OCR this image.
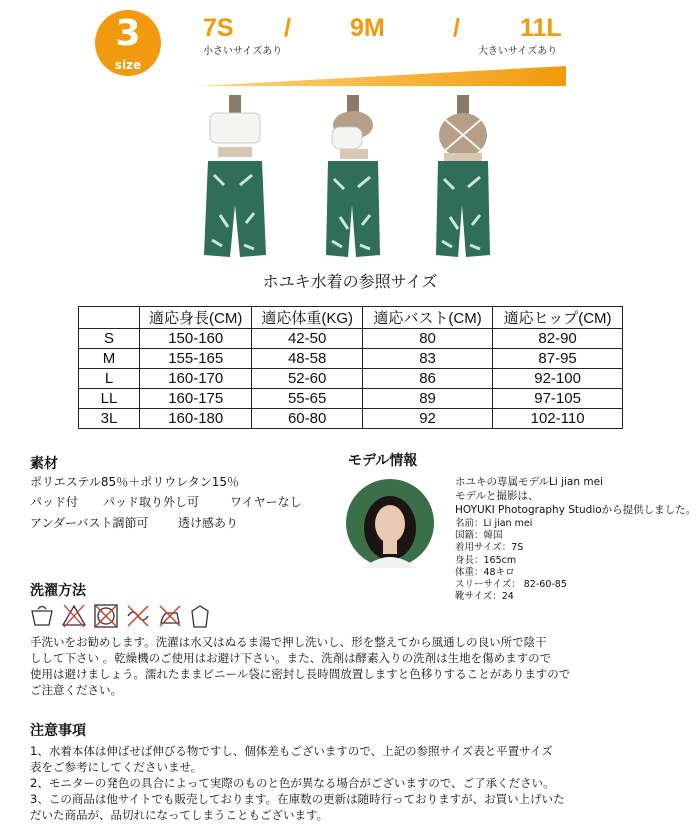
3
size
7S / 9M	/ 11L
小さいサイズあり	大きいサイズあり
ホユキ水着の参照サイズ
	適応身長(CM)	適応体重(KG)	適応バスト(CM)	適応ヒップ(CM)
S	150-160	42-50	80	82-90
M	155-165	48-58	83	87-95
L	160-170	52-60	86	92-100
LL	160-175	55-65	89	97-105
3L	160-180	60-80	92	102-110
素材
ポリエステル85％＋ポリウレタン15％
パッド付 パッド取り外し可	ワイヤーなし
アンダーバスト調節可 透け感あり
モデル情報
ホユキの専属モデルLi jian mei
モデルと撮影は、
HOYUKI Photography Studioから提供しました。
名前：Li jian mei
国籍：韓国
着用サイズ：7S
身長：165cm
体重：48キロ
スリーサイズ： 82-60-85
靴サイズ：24
洗濯方法
手洗いをお勧めします。洗濯は水又はぬるま湯で押し洗いし、形を整えてから風通しの良い所で陰干
しして下さい 。乾燥機のご使用はお避け下さい。また、洗剤は酵素入りの洗剤は生地を傷めますので
使用は避けましょう。濡れたままビニール袋に密封し長時間放置しますと色移りすることがありますので
ご注意ください。
注意事項
1、水着本体は伸ばせば伸びる物ですし、個体差もございますので、上記の参照サイズ表と平置サイズ
表をご参考にしてくださいませ。
2、モニターの発色の具合によって実際のものと色が異なる場合がございますので、ご了承ください。
3、この商品は他サイトでも販売しております。在庫数の更新は随時行っておりますが、お買い上げいた
だいた商品が、品切れになってしまうこともございます。
